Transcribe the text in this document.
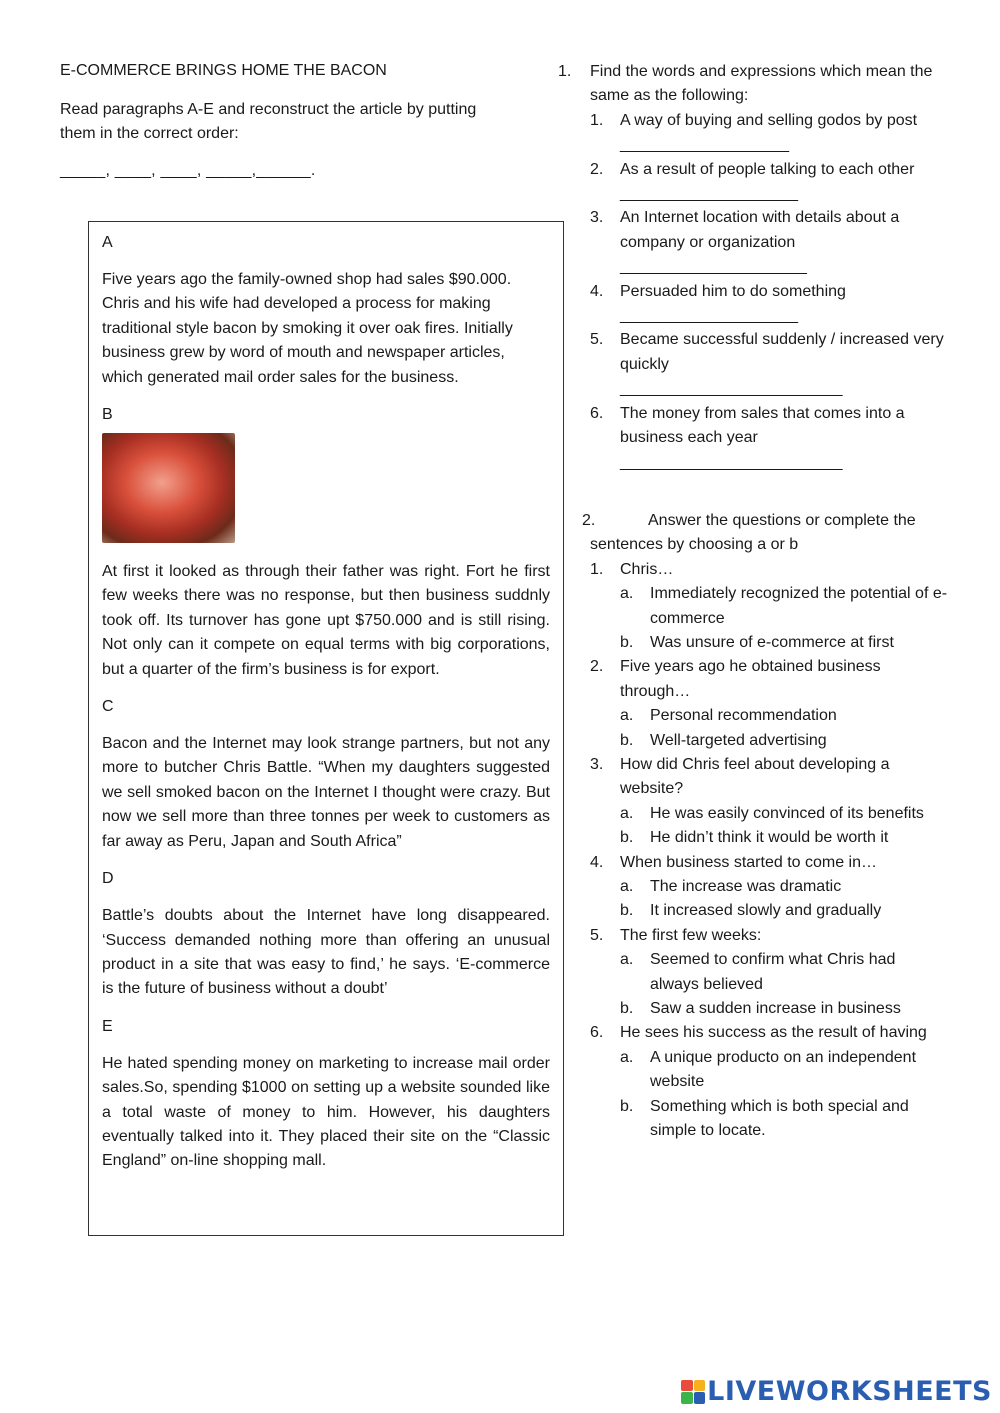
E-COMMERCE BRINGS HOME THE BACON
Read paragraphs A-E and reconstruct the article by putting them in the correct order:
_____, ____, ____, _____,______.
A
Five years ago the family-owned shop had sales $90.000. Chris and his wife had developed a process for making traditional style bacon by smoking it over oak fires. Initially business grew by word of mouth and newspaper articles, which generated mail order sales for the business.
B
At first it looked as through their father was right. Fort he first few weeks there was no response, but then business suddnly took off. Its turnover has gone upt $750.000 and is still rising. Not only can it compete on equal terms with big corporations, but a quarter of the firm’s business is for export.
C
Bacon and the Internet may look strange partners, but not any more to butcher Chris Battle. “When my daughters suggested we sell smoked bacon on the Internet I thought were crazy. But now we sell more than three tonnes per week to customers as far away as Peru, Japan and South Africa”
D
Battle’s doubts about the Internet have long disappeared. ‘Success demanded nothing more than offering an unusual product in a site that was easy to find,’ he says. ‘E-commerce is the future of business without a doubt’
E
He hated spending money on marketing to increase mail order sales.So, spending $1000 on setting up a website sounded like a total waste of money to him. However, his daughters eventually talked into it. They placed their site on the “Classic England” on-line shopping mall.
1.	Find the words and expressions which mean the same as the following:
1.	A way of buying and selling godos by post
___________________
2.	As a result of people talking to each other
____________________
3.	An Internet location with details about a company or organization
_____________________
4.	Persuaded him to do something
____________________
5.	Became successful suddenly / increased very quickly
_________________________
6.	The money from sales that comes into a business each year
_________________________
2.	Answer the questions or complete the
sentences by choosing a or b
1.	Chris…
a.	Immediately recognized the potential of e-commerce
b.	Was unsure of e-commerce at first
2.	Five years ago he obtained business through…
a.	Personal recommendation
b.	Well-targeted advertising
3.	How did Chris feel about developing a website?
a.	He was easily convinced of its benefits
b.	He didn’t think it would be worth it
4.	When business started to come in…
a.	The increase was dramatic
b.	It increased slowly and gradually
5.	The first few weeks:
a.	Seemed to confirm what Chris had always believed
b.	Saw a sudden increase in business
6.	He sees his success as the result of having
a.	A unique producto on an independent website
b.	Something which is both special and simple to locate.
LIVEWORKSHEETS
